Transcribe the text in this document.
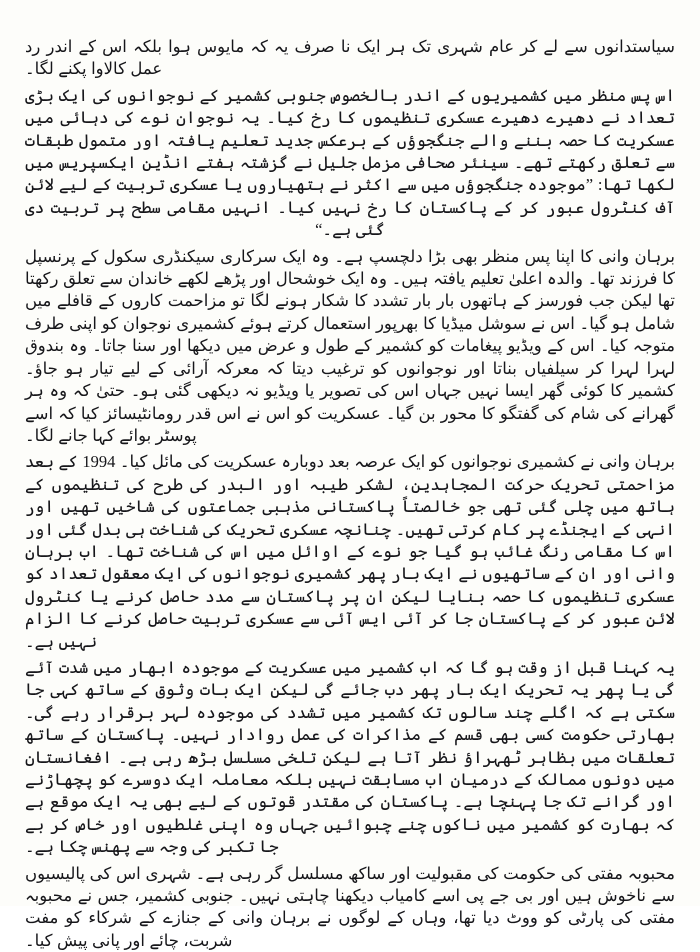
سیاستدانوں سے لے کر عام شہری تک ہر ایک نا صرف یہ کہ مایوس ہوا بلکہ اس کے اندر رد عمل کالاوا پکنے لگا۔

اس پس منظر میں کشمیریوں کے اندر بالخصوص جنوبی کشمیر کے نوجوانوں کی ایک بڑی تعداد نے دھیرے دھیرے عسکری تنظیموں کا رخ کیا۔ یہ نوجوان نوے کی دہائی میں عسکریت کا حصہ بننے والے جنگجوؤں کے برعکس جدید تعلیم یافتہ اور متمول طبقات سے تعلق رکھتے تھے۔ سینئر صحافی مزمل جلیل نے گزشتہ ہفتے انڈین ایکسپریس میں لکھا تھا: ”موجودہ جنگجوؤں میں سے اکثر نے ہتھیاروں یا عسکری تربیت کے لیے لائن آف کنٹرول عبور کر کے پاکستان کا رخ نہیں کیا۔ انہیں مقامی سطح پر تربیت دی گئی ہے۔“

برہان وانی کا اپنا پس منظر بھی بڑا دلچسپ ہے۔ وہ ایک سرکاری سیکنڈری سکول کے پرنسپل کا فرزند تھا۔ والدہ اعلیٰ تعلیم یافتہ ہیں۔ وہ ایک خوشحال اور پڑھے لکھے خاندان سے تعلق رکھتا تھا لیکن جب فورسز کے ہاتھوں بار بار تشدد کا شکار ہونے لگا تو مزاحمت کاروں کے قافلے میں شامل ہو گیا۔ اس نے سوشل میڈیا کا بھرپور استعمال کرتے ہوئے کشمیری نوجوان کو اپنی طرف متوجہ کیا۔ اس کے ویڈیو پیغامات کو کشمیر کے طول و عرض میں دیکھا اور سنا جاتا۔ وہ بندوق لہرا لہرا کر سیلفیاں بناتا اور نوجوانوں کو ترغیب دیتا کہ معرکہ آرائی کے لیے تیار ہو جاؤ۔ کشمیر کا کوئی گھر ایسا نہیں جہاں اس کی تصویر یا ویڈیو نہ دیکھی گئی ہو۔ حتیٰ کہ وہ ہر گھرانے کی شام کی گفتگو کا محور بن گیا۔ عسکریت کو اس نے اس قدر رومانٹیسائز کیا کہ اسے پوسٹر بوائے کہا جانے لگا۔

برہان وانی نے کشمیری نوجوانوں کو ایک عرصہ بعد دوبارہ عسکریت کی مائل کیا۔ 1994 کے بعد مزاحمتی تحریک حرکت المجاہدین، لشکر طیبہ اور البدر کی طرح کی تنظیموں کے ہاتھ میں چلی گئی تھی جو خالصتاً پاکستانی مذہبی جماعتوں کی شاخیں تھیں اور انہی کے ایجنڈے پر کام کرتی تھیں۔ چنانچہ عسکری تحریک کی شناخت ہی بدل گئی اور اس کا مقامی رنگ غائب ہو گیا جو نوے کے اوائل میں اس کی شناخت تھا۔ اب برہان وانی اور ان کے ساتھیوں نے ایک بار پھر کشمیری نوجوانوں کی ایک معقول تعداد کو عسکری تنظیموں کا حصہ بنایا لیکن ان پر پاکستان سے مدد حاصل کرنے یا کنٹرول لائن عبور کر کے پاکستان جا کر آئی ایس آئی سے عسکری تربیت حاصل کرنے کا الزام نہیں ہے۔

یہ کہنا قبل از وقت ہو گا کہ اب کشمیر میں عسکریت کے موجودہ ابھار میں شدت آئے گی یا پھر یہ تحریک ایک بار پھر دب جائے گی لیکن ایک بات وثوق کے ساتھ کہی جا سکتی ہے کہ اگلے چند سالوں تک کشمیر میں تشدد کی موجودہ لہر برقرار رہے گی۔ بھارتی حکومت کسی بھی قسم کے مذاکرات کی عمل روادار نہیں۔ پاکستان کے ساتھ تعلقات میں بظاہر ٹھہراؤ نظر آتا ہے لیکن تلخی مسلسل بڑھ رہی ہے۔ افغانستان میں دونوں ممالک کے درمیان اب مسابقت نہیں بلکہ معاملہ ایک دوسرے کو پچھاڑنے اور گرانے تک جا پہنچا ہے۔ پاکستان کی مقتدر قوتوں کے لیے بھی یہ ایک موقع ہے کہ بھارت کو کشمیر میں ناکوں چنے چبوائیں جہاں وہ اپنی غلطیوں اور خاص کر بے جا تکبر کی وجہ سے پھنس چکا ہے۔

محبوبہ مفتی کی حکومت کی مقبولیت اور ساکھ مسلسل گر رہی ہے۔ شہری اس کی پالیسیوں سے ناخوش ہیں اور بی جے پی اسے کامیاب دیکھنا چاہتی نہیں۔ جنوبی کشمیر، جس نے محبوبہ مفتی کی پارٹی کو ووٹ دیا تھا، وہاں کے لوگوں نے برہان وانی کے جنازے کے شرکاء کو مفت شربت، چائے اور پانی پیش کیا۔
